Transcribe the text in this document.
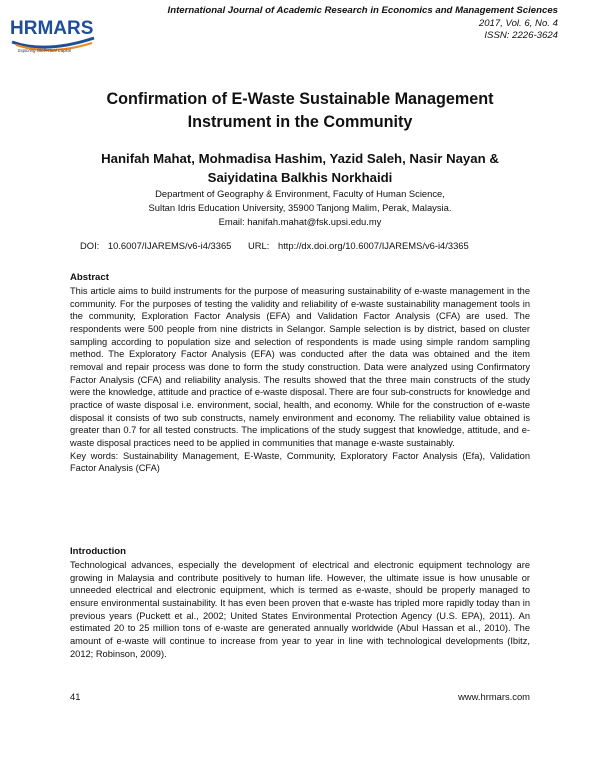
HRMARS
Exploring Intellectual Capital
International Journal of Academic Research in Economics and Management Sciences
2017, Vol. 6, No. 4
ISSN: 2226-3624
Confirmation of E-Waste Sustainable Management
Instrument in the Community
Hanifah Mahat, Mohmadisa Hashim, Yazid Saleh, Nasir Nayan &
Saiyidatina Balkhis Norkhaidi
Department of Geography & Environment, Faculty of Human Science,
Sultan Idris Education University, 35900 Tanjong Malim, Perak, Malaysia.
Email: hanifah.mahat@fsk.upsi.edu.my
DOI: 10.6007/IJAREMS/v6-i4/3365 URL: http://dx.doi.org/10.6007/IJAREMS/v6-i4/3365
Abstract
This article aims to build instruments for the purpose of measuring sustainability of e-waste management in the community. For the purposes of testing the validity and reliability of e-waste sustainability management tools in the community, Exploration Factor Analysis (EFA) and Validation Factor Analysis (CFA) are used. The respondents were 500 people from nine districts in Selangor. Sample selection is by district, based on cluster sampling according to population size and selection of respondents is made using simple random sampling method. The Exploratory Factor Analysis (EFA) was conducted after the data was obtained and the item removal and repair process was done to form the study construction. Data were analyzed using Confirmatory Factor Analysis (CFA) and reliability analysis. The results showed that the three main constructs of the study were the knowledge, attitude and practice of e-waste disposal. There are four sub-constructs for knowledge and practice of waste disposal i.e. environment, social, health, and economy. While for the construction of e-waste disposal it consists of two sub constructs, namely environment and economy. The reliability value obtained is greater than 0.7 for all tested constructs. The implications of the study suggest that knowledge, attitude, and e-waste disposal practices need to be applied in communities that manage e-waste sustainably.
Key words: Sustainability Management, E-Waste, Community, Exploratory Factor Analysis (Efa), Validation Factor Analysis (CFA)
Introduction
Technological advances, especially the development of electrical and electronic equipment technology are growing in Malaysia and contribute positively to human life. However, the ultimate issue is how unusable or unneeded electrical and electronic equipment, which is termed as e-waste, should be properly managed to ensure environmental sustainability. It has even been proven that e-waste has tripled more rapidly today than in previous years (Puckett et al., 2002; United States Environmental Protection Agency (U.S. EPA), 2011). An estimated 20 to 25 million tons of e-waste are generated annually worldwide (Abul Hassan et al., 2010). The amount of e-waste will continue to increase from year to year in line with technological developments (Ibitz, 2012; Robinson, 2009).
41	www.hrmars.com
